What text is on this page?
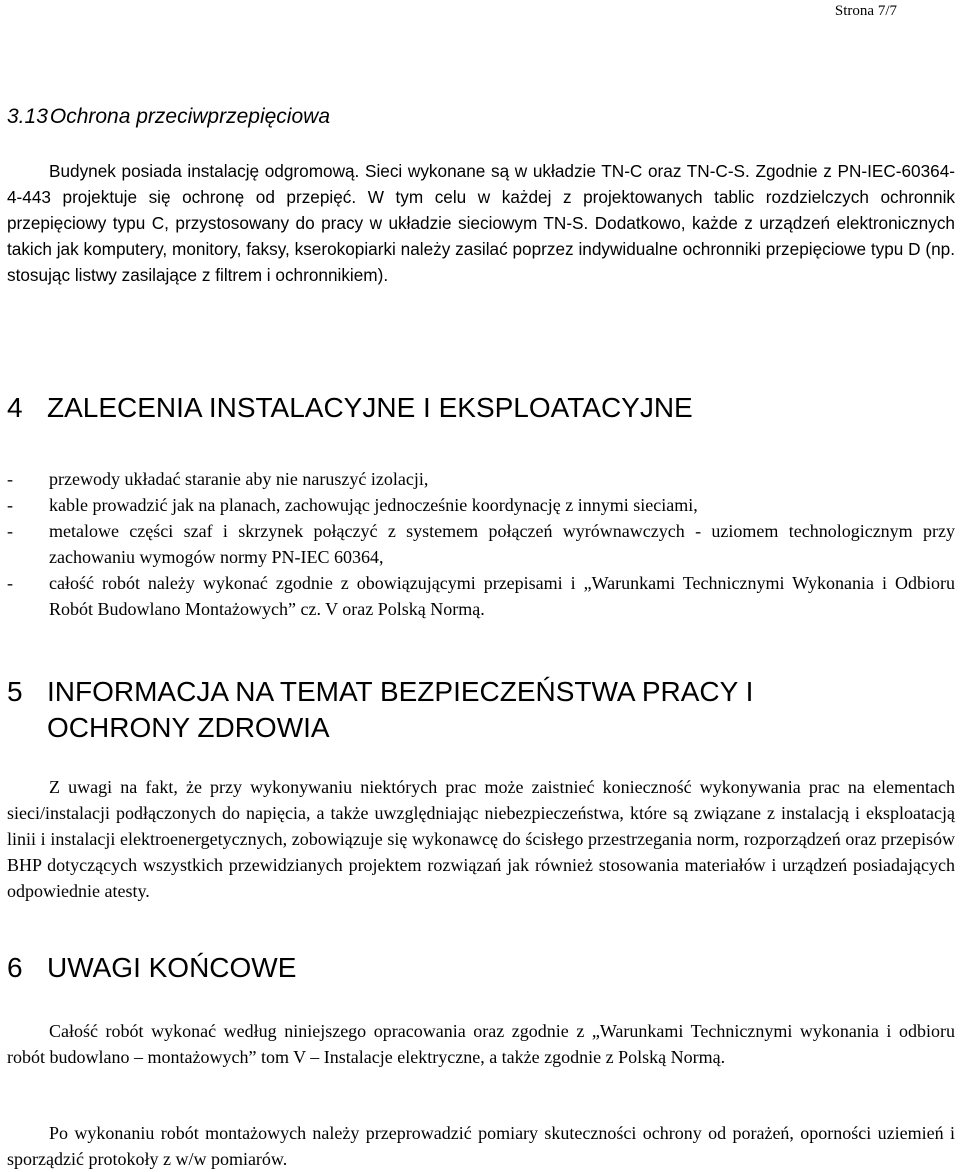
Strona 7/7
3.13Ochrona przeciwprzepięciowa
Budynek posiada instalację odgromową. Sieci wykonane są w układzie TN-C oraz TN-C-S. Zgodnie z PN-IEC-60364-4-443 projektuje się ochronę od przepięć. W tym celu w każdej z projektowanych tablic rozdzielczych ochronnik przepięciowy typu C, przystosowany do pracy w układzie sieciowym TN-S. Dodatkowo, każde z urządzeń elektronicznych takich jak komputery, monitory, faksy, kserokopiarki należy zasilać poprzez indywidualne ochronniki przepięciowe typu D (np. stosując listwy zasilające z filtrem i ochronnikiem).
4 ZALECENIA INSTALACYJNE I EKSPLOATACYJNE
- przewody układać staranie aby nie naruszyć izolacji,
- kable prowadzić jak na planach, zachowując jednocześnie koordynację z innymi sieciami,
- metalowe części szaf i skrzynek połączyć z systemem połączeń wyrównawczych - uziomem technologicznym przy zachowaniu wymogów normy PN-IEC 60364,
- całość robót należy wykonać zgodnie z obowiązującymi przepisami i „Warunkami Technicznymi Wykonania i Odbioru Robót Budowlano Montażowych” cz. V oraz Polską Normą.
5 INFORMACJA NA TEMAT BEZPIECZEŃSTWA PRACY I
OCHRONY ZDROWIA
Z uwagi na fakt, że przy wykonywaniu niektórych prac może zaistnieć konieczność wykonywania prac na elementach sieci/instalacji podłączonych do napięcia, a także uwzględniając niebezpieczeństwa, które są związane z instalacją i eksploatacją linii i instalacji elektroenergetycznych, zobowiązuje się wykonawcę do ścisłego przestrzegania norm, rozporządzeń oraz przepisów BHP dotyczących wszystkich przewidzianych projektem rozwiązań jak również stosowania materiałów i urządzeń posiadających odpowiednie atesty.
6 UWAGI KOŃCOWE
Całość robót wykonać według niniejszego opracowania oraz zgodnie z „Warunkami Technicznymi wykonania i odbioru robót budowlano – montażowych” tom V – Instalacje elektryczne, a także zgodnie z Polską Normą.
Po wykonaniu robót montażowych należy przeprowadzić pomiary skuteczności ochrony od porażeń, oporności uziemień i sporządzić protokoły z w/w pomiarów.
